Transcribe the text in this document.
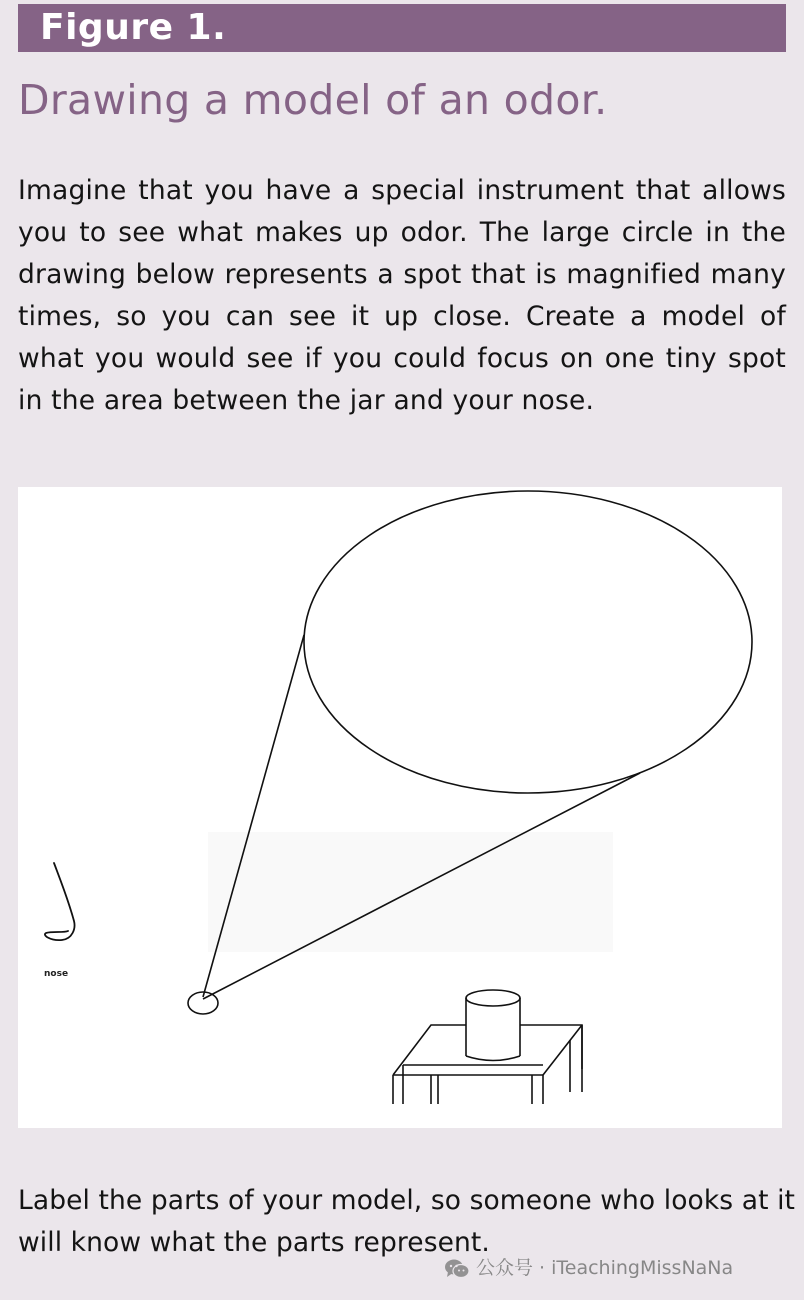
Figure 1.
Drawing a model of an odor.

Imagine that you have a special instrument that allows you to see what makes up odor. The large circle in the drawing below represents a spot that is magnified many times, so you can see it up close. Create a model of what you would see if you could focus on one tiny spot in the area between the jar and your nose.

nose

Label the parts of your model, so someone who looks at it will know what the parts represent.

公众号 · iTeachingMissNaNa
